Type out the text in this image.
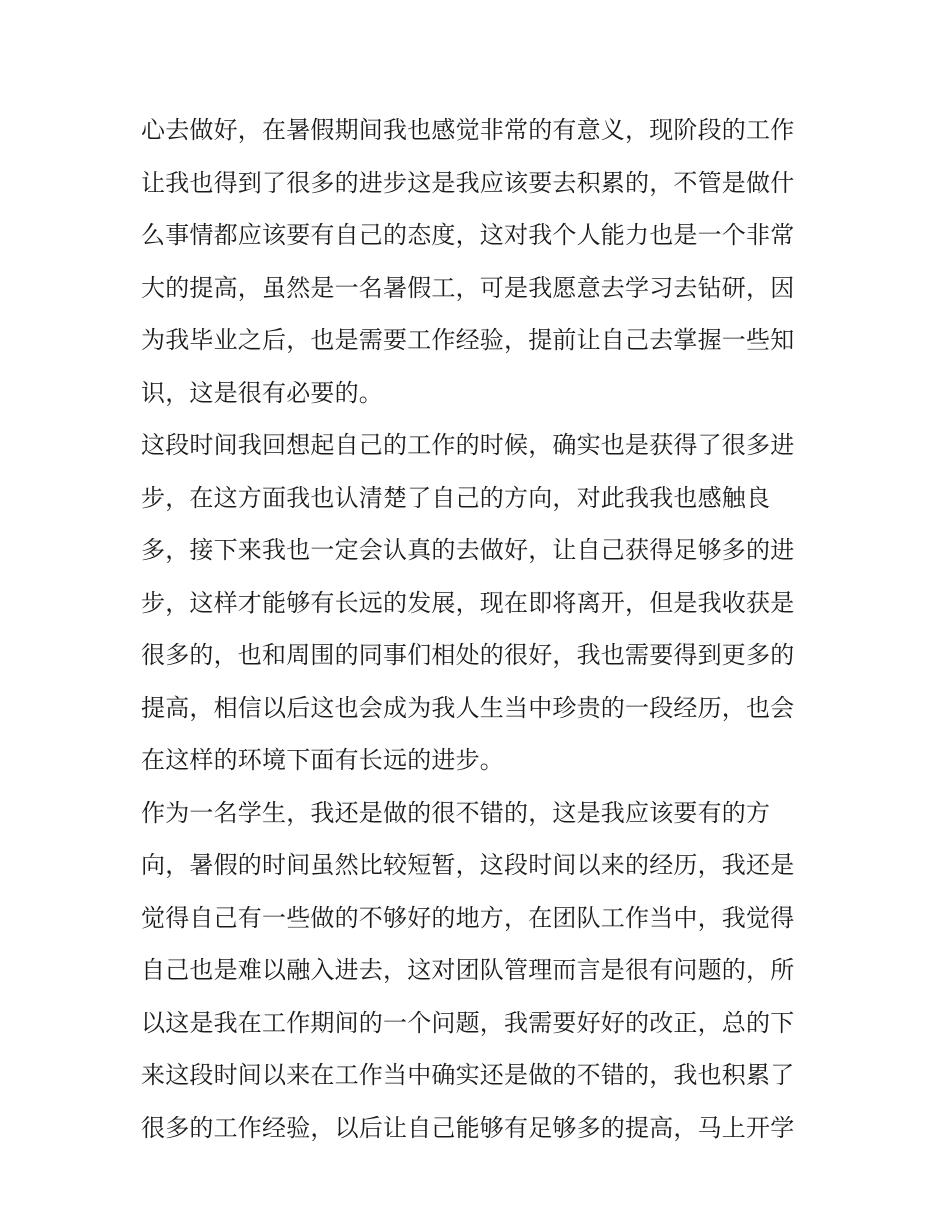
心去做好，在暑假期间我也感觉非常的有意义，现阶段的工作
让我也得到了很多的进步这是我应该要去积累的，不管是做什
么事情都应该要有自己的态度，这对我个人能力也是一个非常
大的提高，虽然是一名暑假工，可是我愿意去学习去钻研，因
为我毕业之后，也是需要工作经验，提前让自己去掌握一些知
识，这是很有必要的。
这段时间我回想起自己的工作的时候，确实也是获得了很多进
步，在这方面我也认清楚了自己的方向，对此我我也感触良
多，接下来我也一定会认真的去做好，让自己获得足够多的进
步，这样才能够有长远的发展，现在即将离开，但是我收获是
很多的，也和周围的同事们相处的很好，我也需要得到更多的
提高，相信以后这也会成为我人生当中珍贵的一段经历，也会
在这样的环境下面有长远的进步。
作为一名学生，我还是做的很不错的，这是我应该要有的方
向，暑假的时间虽然比较短暂，这段时间以来的经历，我还是
觉得自己有一些做的不够好的地方，在团队工作当中，我觉得
自己也是难以融入进去，这对团队管理而言是很有问题的，所
以这是我在工作期间的一个问题，我需要好好的改正，总的下
来这段时间以来在工作当中确实还是做的不错的，我也积累了
很多的工作经验，以后让自己能够有足够多的提高，马上开学
